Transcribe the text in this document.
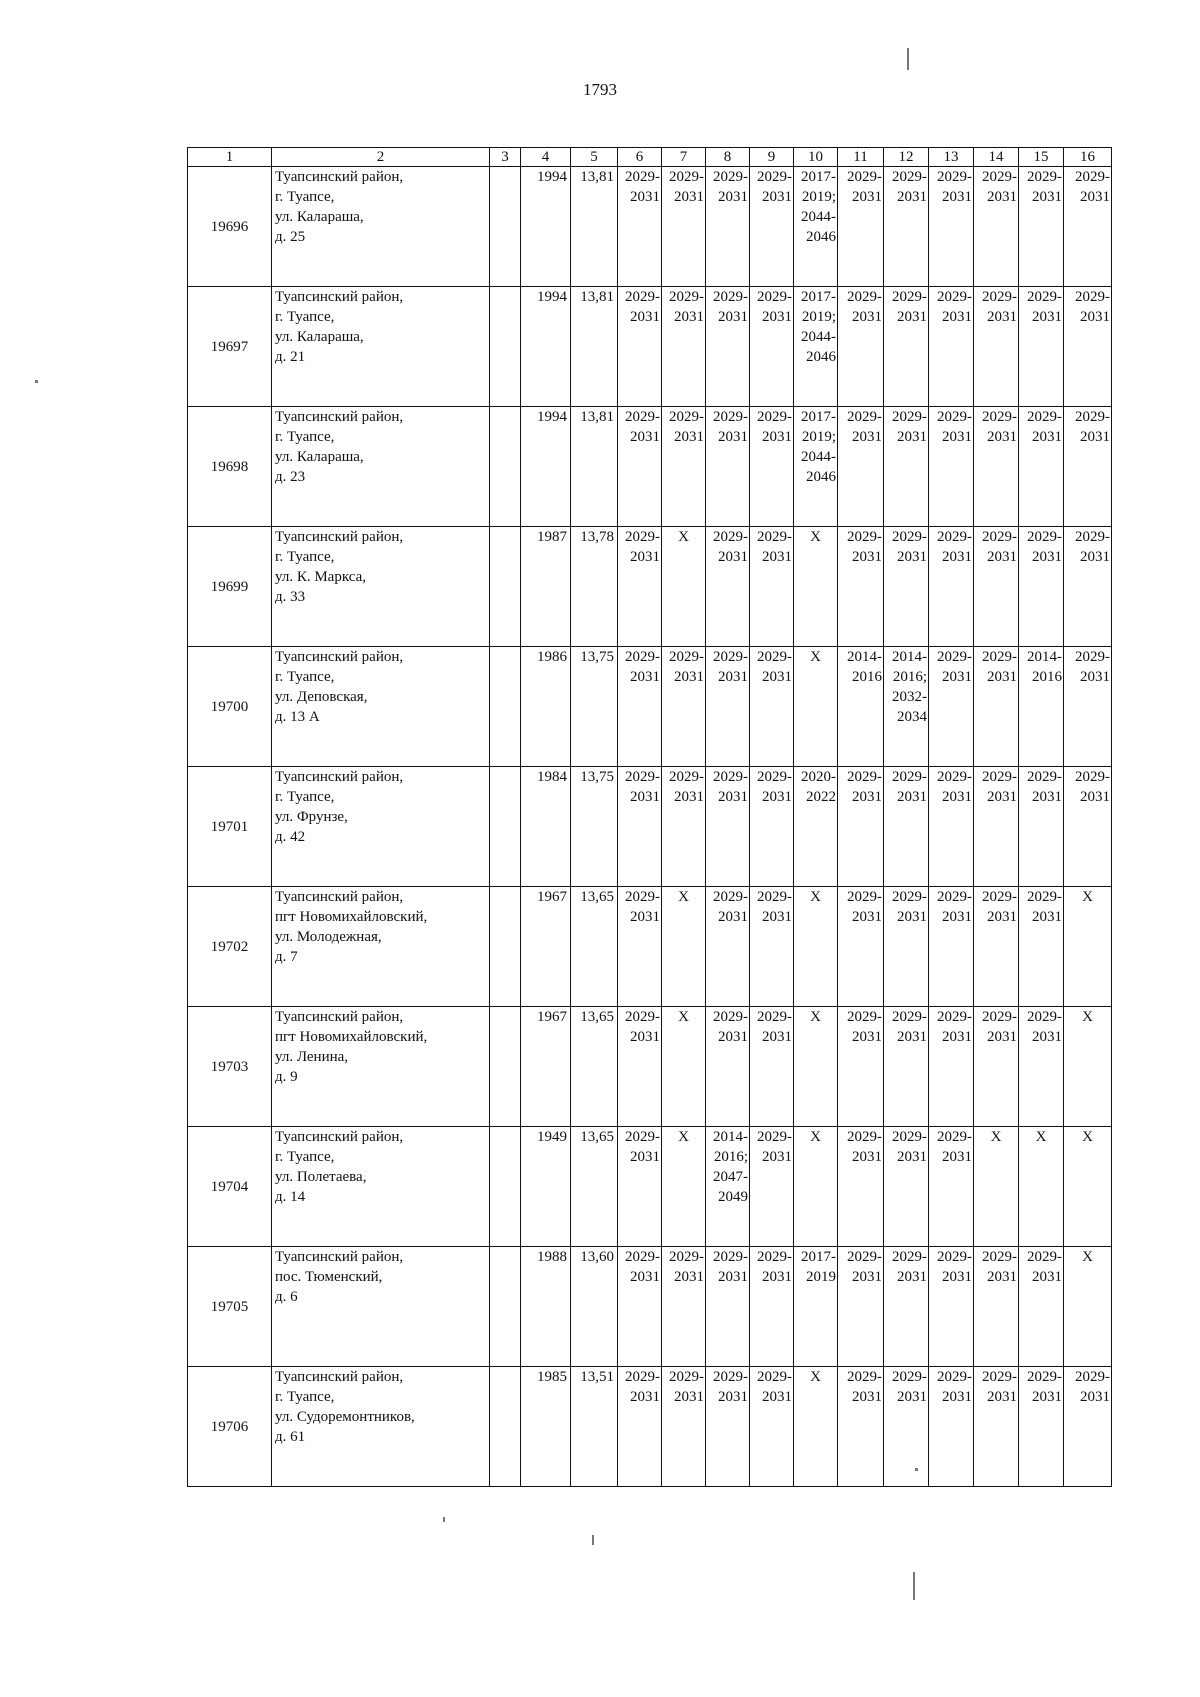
1793
1	2	3	4	5	6	7	8	9	10	11	12	13	14	15	16
19696	Туапсинский район,
г. Туапсе,
ул. Калараша,
д. 25		1994	13,81	2029-
2031	2029-
2031	2029-
2031	2029-
2031	2017-
2019;
2044-
2046	2029-
2031	2029-
2031	2029-
2031	2029-
2031	2029-
2031	2029-
2031
19697	Туапсинский район,
г. Туапсе,
ул. Калараша,
д. 21		1994	13,81	2029-
2031	2029-
2031	2029-
2031	2029-
2031	2017-
2019;
2044-
2046	2029-
2031	2029-
2031	2029-
2031	2029-
2031	2029-
2031	2029-
2031
19698	Туапсинский район,
г. Туапсе,
ул. Калараша,
д. 23		1994	13,81	2029-
2031	2029-
2031	2029-
2031	2029-
2031	2017-
2019;
2044-
2046	2029-
2031	2029-
2031	2029-
2031	2029-
2031	2029-
2031	2029-
2031
19699	Туапсинский район,
г. Туапсе,
ул. К. Маркса,
д. 33		1987	13,78	2029-
2031	Х	2029-
2031	2029-
2031	Х	2029-
2031	2029-
2031	2029-
2031	2029-
2031	2029-
2031	2029-
2031
19700	Туапсинский район,
г. Туапсе,
ул. Деповская,
д. 13 А		1986	13,75	2029-
2031	2029-
2031	2029-
2031	2029-
2031	Х	2014-
2016	2014-
2016;
2032-
2034	2029-
2031	2029-
2031	2014-
2016	2029-
2031
19701	Туапсинский район,
г. Туапсе,
ул. Фрунзе,
д. 42		1984	13,75	2029-
2031	2029-
2031	2029-
2031	2029-
2031	2020-
2022	2029-
2031	2029-
2031	2029-
2031	2029-
2031	2029-
2031	2029-
2031
19702	Туапсинский район,
пгт Новомихайловский,
ул. Молодежная,
д. 7		1967	13,65	2029-
2031	Х	2029-
2031	2029-
2031	Х	2029-
2031	2029-
2031	2029-
2031	2029-
2031	2029-
2031	Х
19703	Туапсинский район,
пгт Новомихайловский,
ул. Ленина,
д. 9		1967	13,65	2029-
2031	Х	2029-
2031	2029-
2031	Х	2029-
2031	2029-
2031	2029-
2031	2029-
2031	2029-
2031	Х
19704	Туапсинский район,
г. Туапсе,
ул. Полетаева,
д. 14		1949	13,65	2029-
2031	Х	2014-
2016;
2047-
2049	2029-
2031	Х	2029-
2031	2029-
2031	2029-
2031	Х	Х	Х
19705	Туапсинский район,
пос. Тюменский,
д. 6		1988	13,60	2029-
2031	2029-
2031	2029-
2031	2029-
2031	2017-
2019	2029-
2031	2029-
2031	2029-
2031	2029-
2031	2029-
2031	Х
19706	Туапсинский район,
г. Туапсе,
ул. Судоремонтников,
д. 61		1985	13,51	2029-
2031	2029-
2031	2029-
2031	2029-
2031	Х	2029-
2031	2029-
2031	2029-
2031	2029-
2031	2029-
2031	2029-
2031
